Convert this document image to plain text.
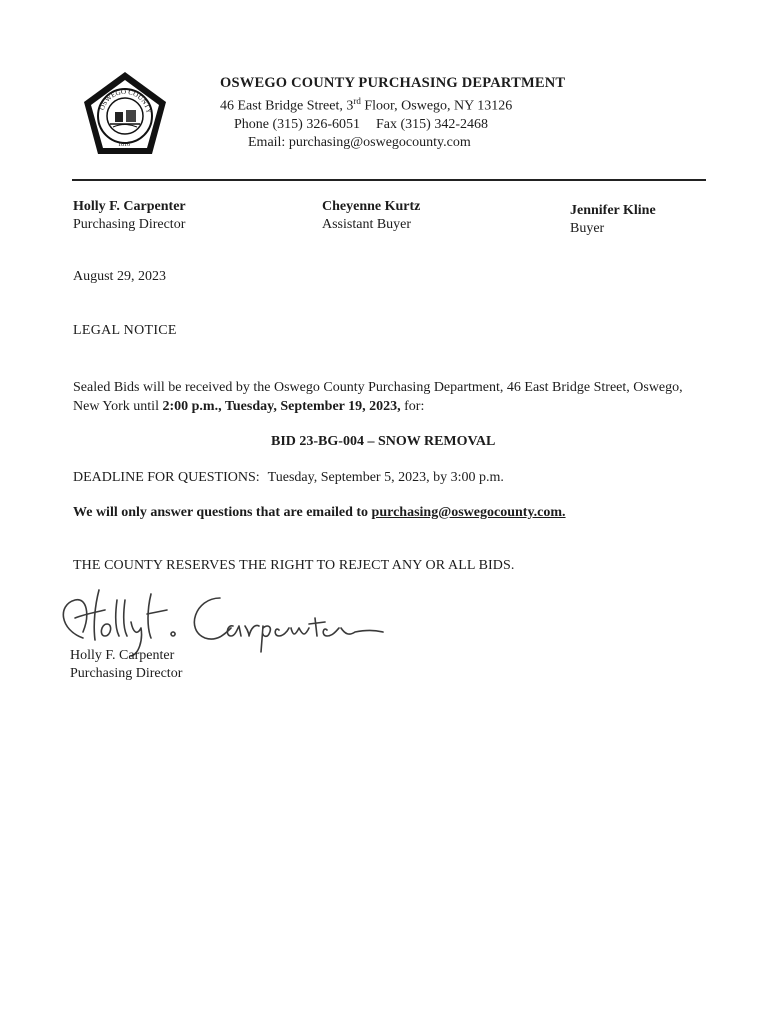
OSWEGO COUNTY
1816
OSWEGO COUNTY PURCHASING DEPARTMENT
46 East Bridge Street, 3rd Floor, Oswego, NY 13126
Phone (315) 326-6051 Fax (315) 342-2468
Email: purchasing@oswegocounty.com
Holly F. Carpenter
Purchasing Director
Cheyenne Kurtz
Assistant Buyer
Jennifer Kline
Buyer
August 29, 2023
LEGAL NOTICE
Sealed Bids will be received by the Oswego County Purchasing Department, 46 East Bridge Street, Oswego, New York until 2:00 p.m., Tuesday, September 19, 2023, for:
BID 23-BG-004 – SNOW REMOVAL
DEADLINE FOR QUESTIONS: Tuesday, September 5, 2023, by 3:00 p.m.
We will only answer questions that are emailed to purchasing@oswegocounty.com.
THE COUNTY RESERVES THE RIGHT TO REJECT ANY OR ALL BIDS.
Holly F. Carpenter
Purchasing Director
